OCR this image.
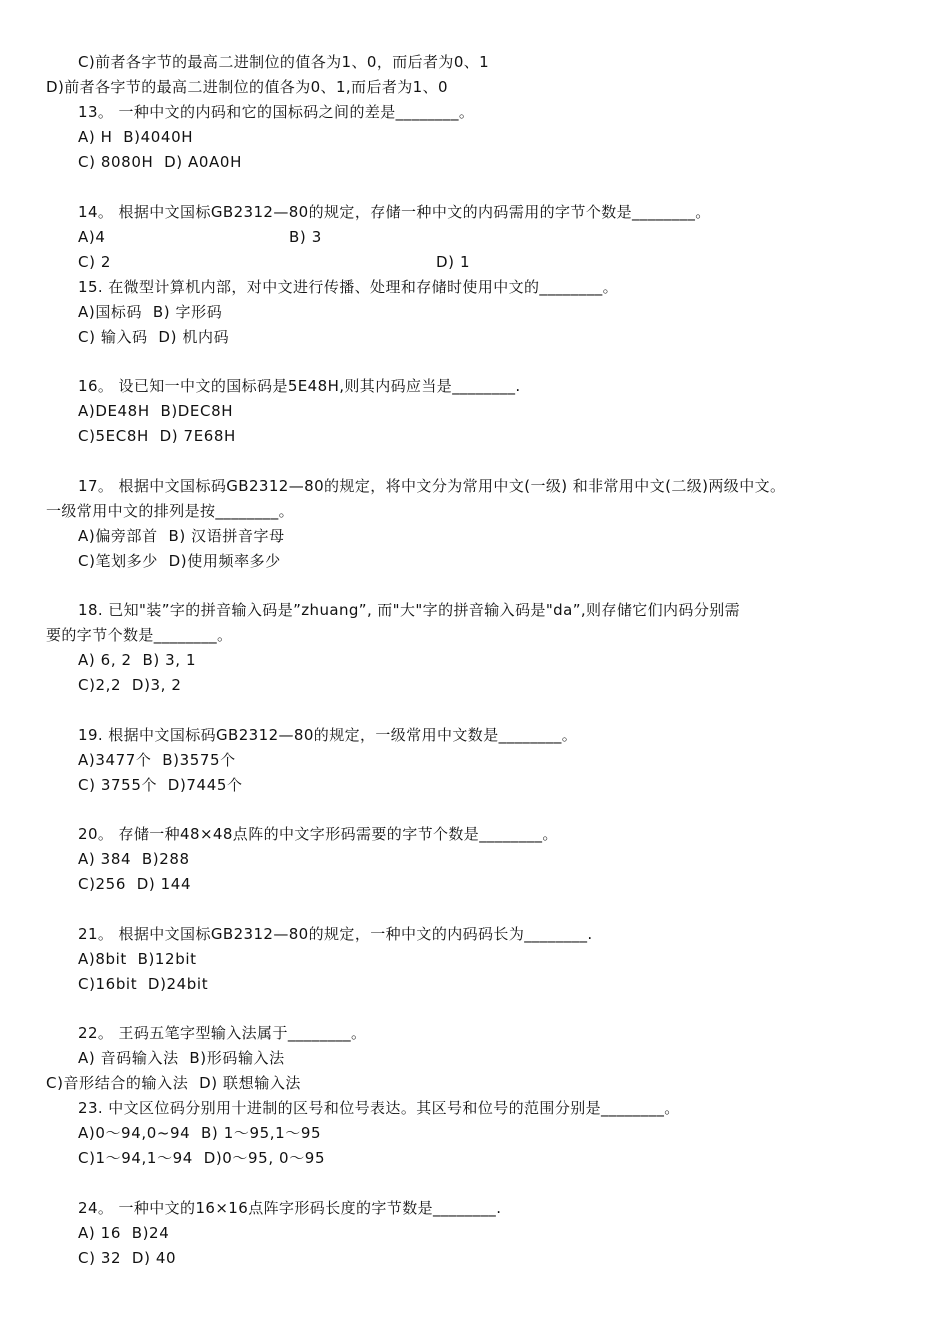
C)前者各字节的最高二进制位的值各为1、0，而后者为0、1
D)前者各字节的最高二进制位的值各为0、1,而后者为1、0
13。 一种中文的内码和它的国标码之间的差是________。
A) H  B)4040H
C) 8080H  D) A0A0H
14。 根据中文国标GB2312—80的规定，存储一种中文的内码需用的字节个数是________。
A)4	B) 3
C) 2	D) 1
15. 在微型计算机内部，对中文进行传播、处理和存储时使用中文的________。
A)国标码  B) 字形码
C) 输入码  D) 机内码
16。 设已知一中文的国标码是5E48H,则其内码应当是________.
A)DE48H  B)DEC8H
C)5EC8H  D) 7E68H
17。 根据中文国标码GB2312—80的规定，将中文分为常用中文(一级) 和非常用中文(二级)两级中文。
一级常用中文的排列是按________。
A)偏旁部首  B) 汉语拼音字母
C)笔划多少  D)使用频率多少
18. 已知"装”字的拼音输入码是”zhuang”, 而"大"字的拼音输入码是"da”,则存储它们内码分别需
要的字节个数是________。
A) 6, 2  B) 3, 1
C)2,2  D)3, 2
19. 根据中文国标码GB2312—80的规定，一级常用中文数是________。
A)3477个  B)3575个
C) 3755个  D)7445个
20。 存储一种48×48点阵的中文字形码需要的字节个数是________。
A) 384  B)288
C)256  D) 144
21。 根据中文国标GB2312—80的规定，一种中文的内码码长为________.
A)8bit  B)12bit
C)16bit  D)24bit
22。 王码五笔字型输入法属于________。
A) 音码输入法  B)形码输入法
C)音形结合的输入法  D) 联想输入法
23. 中文区位码分别用十进制的区号和位号表达。其区号和位号的范围分别是________。
A)0～94,0~94  B) 1～95,1～95
C)1～94,1～94  D)0～95, 0～95
24。 一种中文的16×16点阵字形码长度的字节数是________.
A) 16  B)24
C) 32  D) 40
